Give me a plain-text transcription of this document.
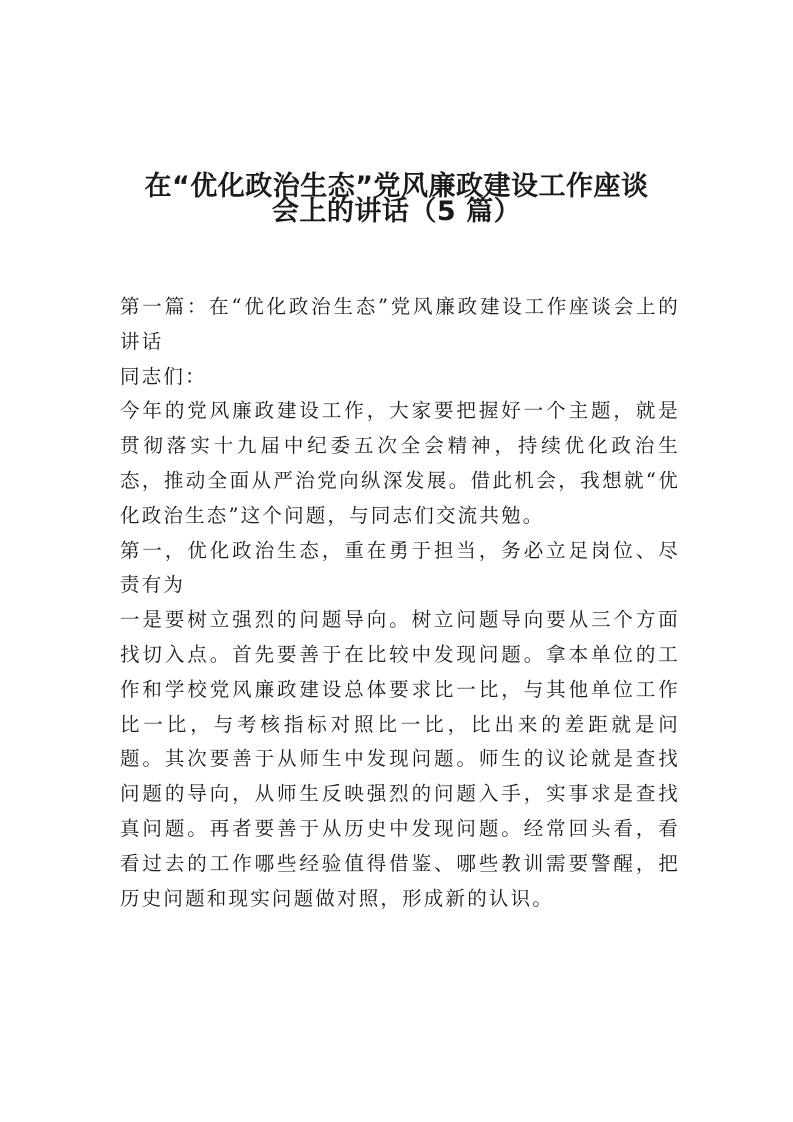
在“优化政治生态”党风廉政建设工作座谈
会上的讲话（5 篇）

第一篇：在“优化政治生态”党风廉政建设工作座谈会上的讲话

同志们：

今年的党风廉政建设工作，大家要把握好一个主题，就是贯彻落实十九届中纪委五次全会精神，持续优化政治生态，推动全面从严治党向纵深发展。借此机会，我想就“优化政治生态”这个问题，与同志们交流共勉。

第一，优化政治生态，重在勇于担当，务必立足岗位、尽责有为

一是要树立强烈的问题导向。树立问题导向要从三个方面找切入点。首先要善于在比较中发现问题。拿本单位的工作和学校党风廉政建设总体要求比一比，与其他单位工作比一比，与考核指标对照比一比，比出来的差距就是问题。其次要善于从师生中发现问题。师生的议论就是查找问题的导向，从师生反映强烈的问题入手，实事求是查找真问题。再者要善于从历史中发现问题。经常回头看，看看过去的工作哪些经验值得借鉴、哪些教训需要警醒，把历史问题和现实问题做对照，形成新的认识。
